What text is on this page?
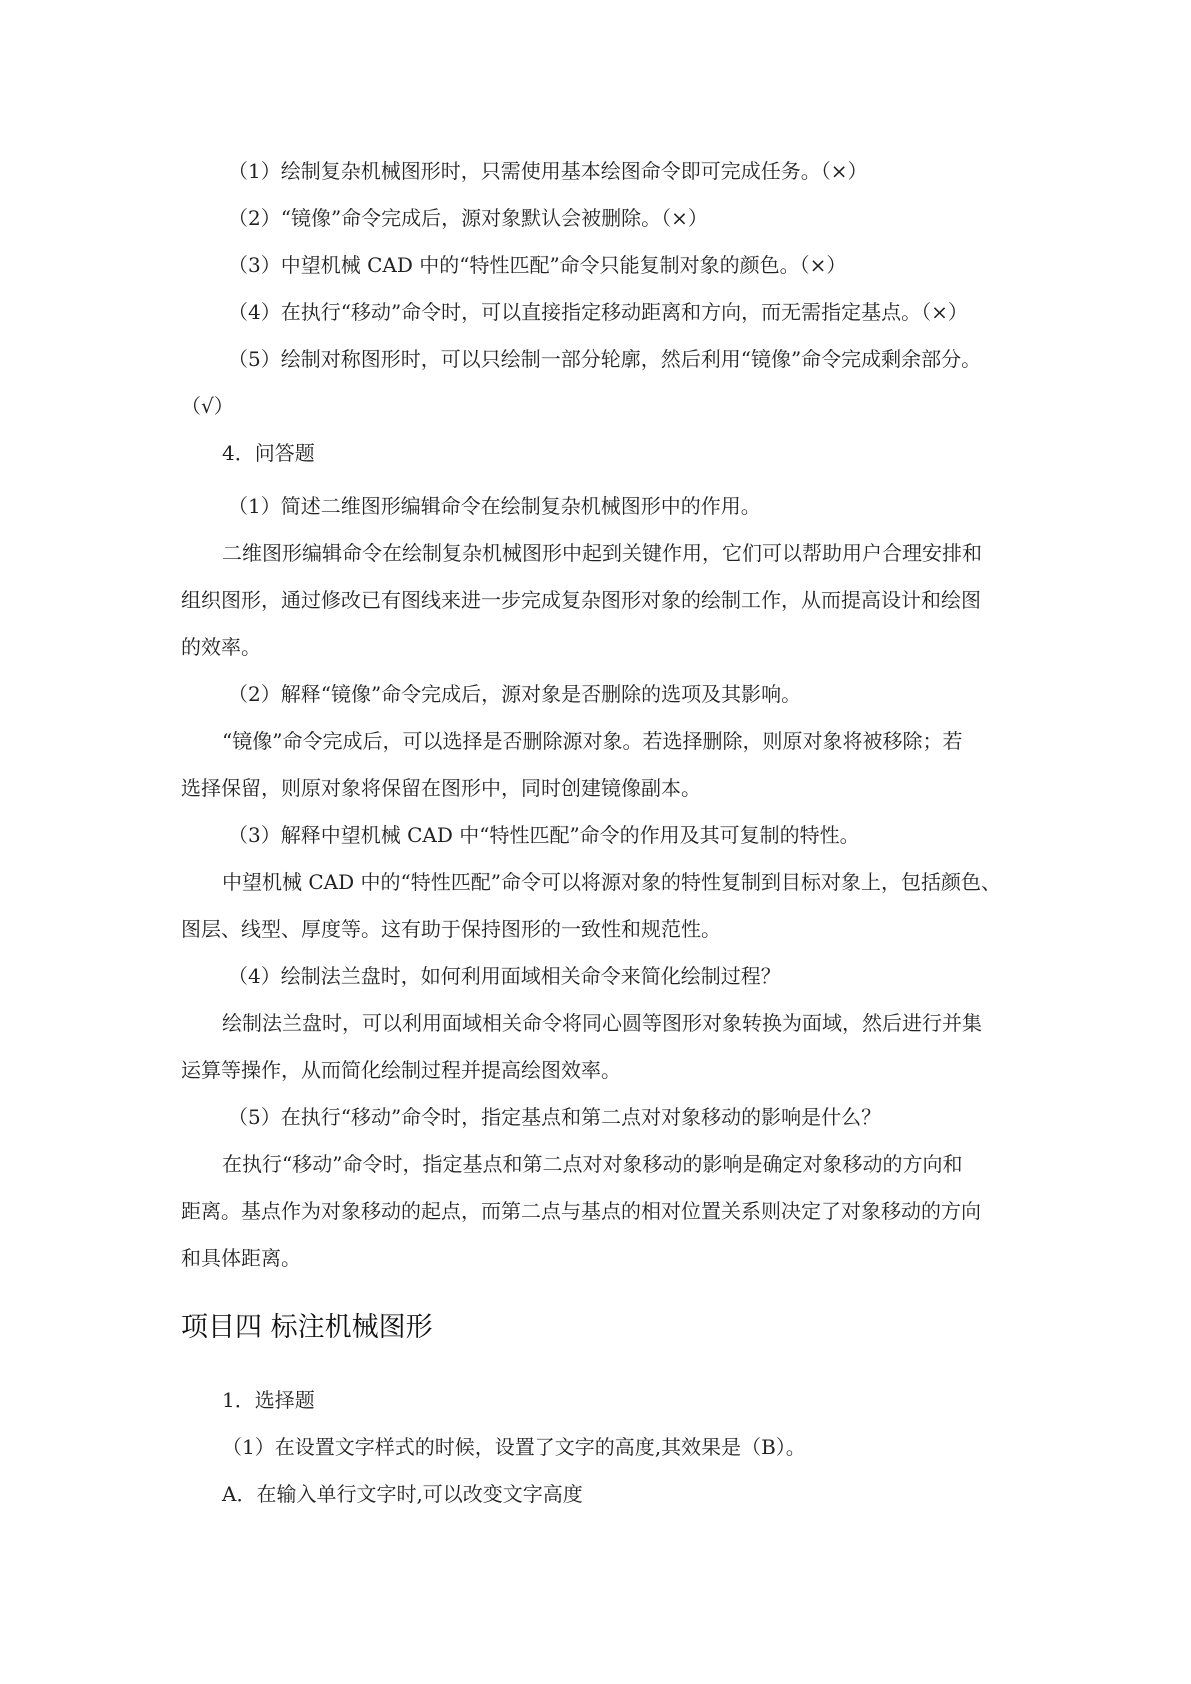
（1）绘制复杂机械图形时，只需使用基本绘图命令即可完成任务。（×）
（2）“镜像”命令完成后，源对象默认会被删除。（×）
（3）中望机械 CAD 中的“特性匹配”命令只能复制对象的颜色。（×）
（4）在执行“移动”命令时，可以直接指定移动距离和方向，而无需指定基点。（×）
（5）绘制对称图形时，可以只绘制一部分轮廓，然后利用“镜像”命令完成剩余部分。
（√）
4．问答题
（1）简述二维图形编辑命令在绘制复杂机械图形中的作用。
二维图形编辑命令在绘制复杂机械图形中起到关键作用，它们可以帮助用户合理安排和
组织图形，通过修改已有图线来进一步完成复杂图形对象的绘制工作，从而提高设计和绘图
的效率。
（2）解释“镜像”命令完成后，源对象是否删除的选项及其影响。
“镜像”命令完成后，可以选择是否删除源对象。若选择删除，则原对象将被移除；若
选择保留，则原对象将保留在图形中，同时创建镜像副本。
（3）解释中望机械 CAD 中“特性匹配”命令的作用及其可复制的特性。
中望机械 CAD 中的“特性匹配”命令可以将源对象的特性复制到目标对象上，包括颜色、
图层、线型、厚度等。这有助于保持图形的一致性和规范性。
（4）绘制法兰盘时，如何利用面域相关命令来简化绘制过程？
绘制法兰盘时，可以利用面域相关命令将同心圆等图形对象转换为面域，然后进行并集
运算等操作，从而简化绘制过程并提高绘图效率。
（5）在执行“移动”命令时，指定基点和第二点对对象移动的影响是什么？
在执行“移动”命令时，指定基点和第二点对对象移动的影响是确定对象移动的方向和
距离。基点作为对象移动的起点，而第二点与基点的相对位置关系则决定了对象移动的方向
和具体距离。
项目四 标注机械图形
1．选择题
（1）在设置文字样式的时候，设置了文字的高度,其效果是（B）。
A．在输入单行文字时,可以改变文字高度
